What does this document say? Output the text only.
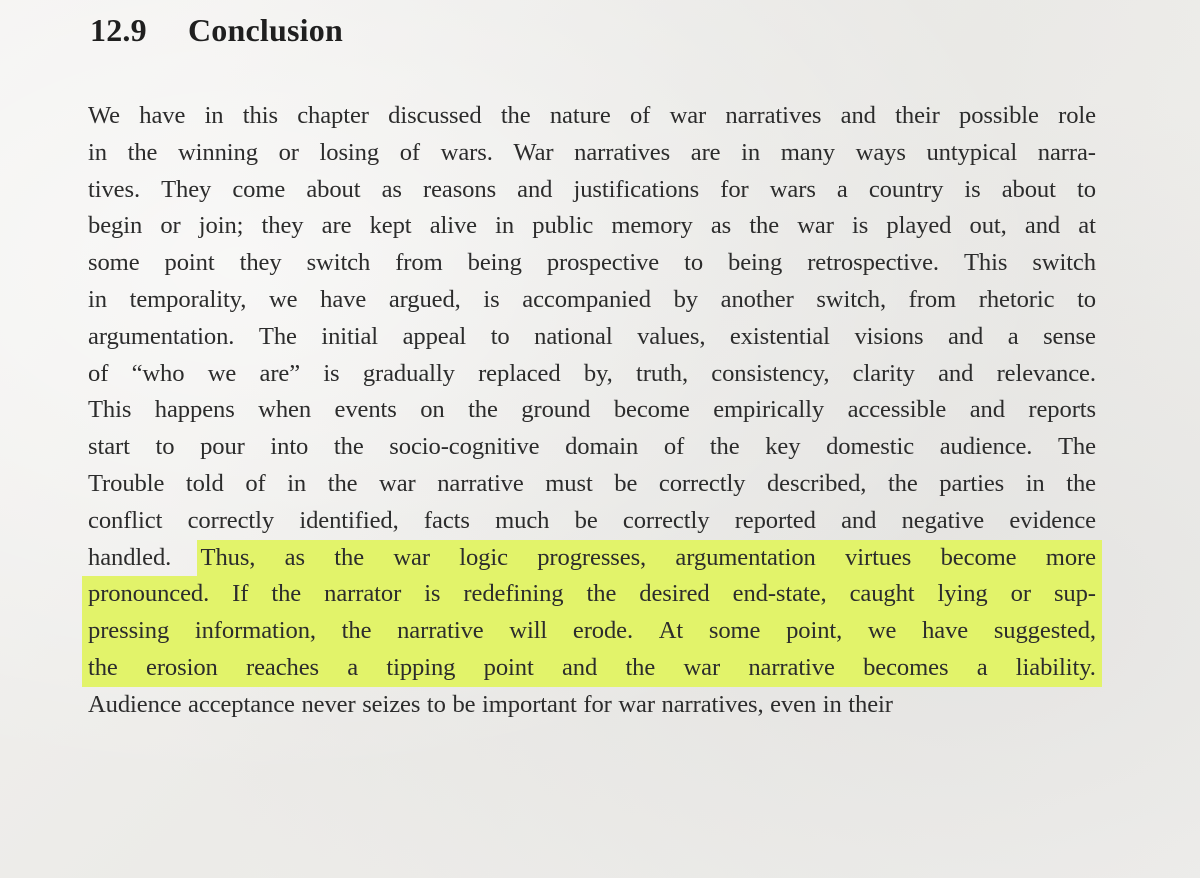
12.9	Conclusion
We have in this chapter discussed the nature of war narratives and their possible role
in the winning or losing of wars. War narratives are in many ways untypical narra-
tives. They come about as reasons and justifications for wars a country is about to
begin or join; they are kept alive in public memory as the war is played out, and at
some point they switch from being prospective to being retrospective. This switch
in temporality, we have argued, is accompanied by another switch, from rhetoric to
argumentation. The initial appeal to national values, existential visions and a sense
of “who we are” is gradually replaced by, truth, consistency, clarity and relevance.
This happens when events on the ground become empirically accessible and reports
start to pour into the socio-cognitive domain of the key domestic audience. The
Trouble told of in the war narrative must be correctly described, the parties in the
conflict correctly identified, facts much be correctly reported and negative evidence
handled. Thus, as the war logic progresses, argumentation virtues become more
pronounced. If the narrator is redefining the desired end-state, caught lying or sup-
pressing information, the narrative will erode. At some point, we have suggested,
the erosion reaches a tipping point and the war narrative becomes a liability.
Audience acceptance never seizes to be important for war narratives, even in their
